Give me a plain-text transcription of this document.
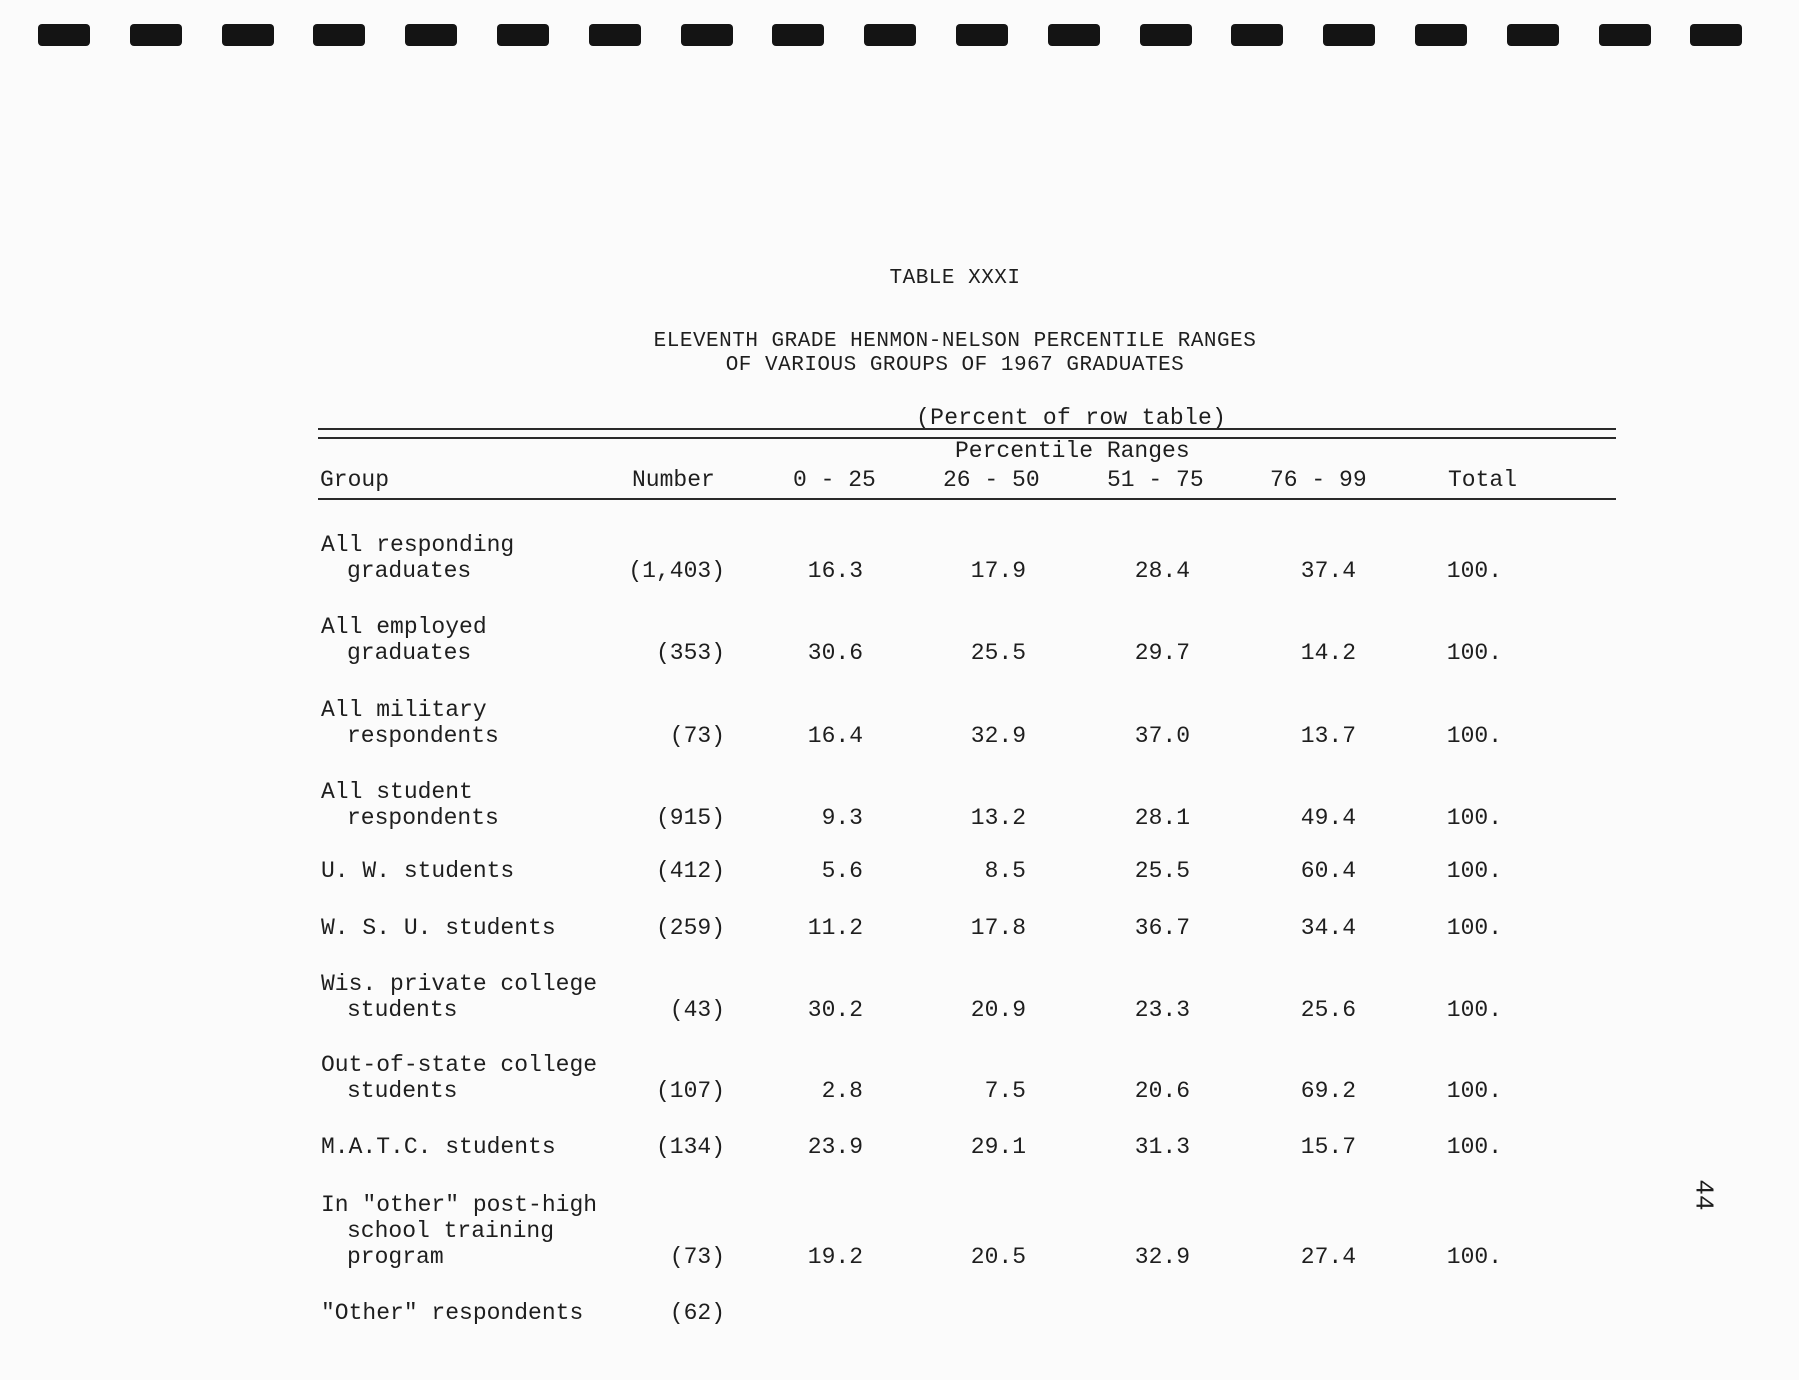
TABLE XXXI
ELEVENTH GRADE HENMON-NELSON PERCENTILE RANGES
OF VARIOUS GROUPS OF 1967 GRADUATES
(Percent of row table)
Percentile Ranges
Group	Number	0 - 25	26 - 50	51 - 75	76 - 99	Total
All responding
graduates	(1,403)	16.3	17.9	28.4	37.4	100.
All employed
graduates	(353)	30.6	25.5	29.7	14.2	100.
All military
respondents	(73)	16.4	32.9	37.0	13.7	100.
All student
respondents	(915)	9.3	13.2	28.1	49.4	100.
U. W. students	(412)	5.6	8.5	25.5	60.4	100.
W. S. U. students	(259)	11.2	17.8	36.7	34.4	100.
Wis. private college
students	(43)	30.2	20.9	23.3	25.6	100.
Out-of-state college
students	(107)	2.8	7.5	20.6	69.2	100.
M.A.T.C. students	(134)	23.9	29.1	31.3	15.7	100.
In "other" post-high
school training
program	(73)	19.2	20.5	32.9	27.4	100.
"Other" respondents	(62)
44
